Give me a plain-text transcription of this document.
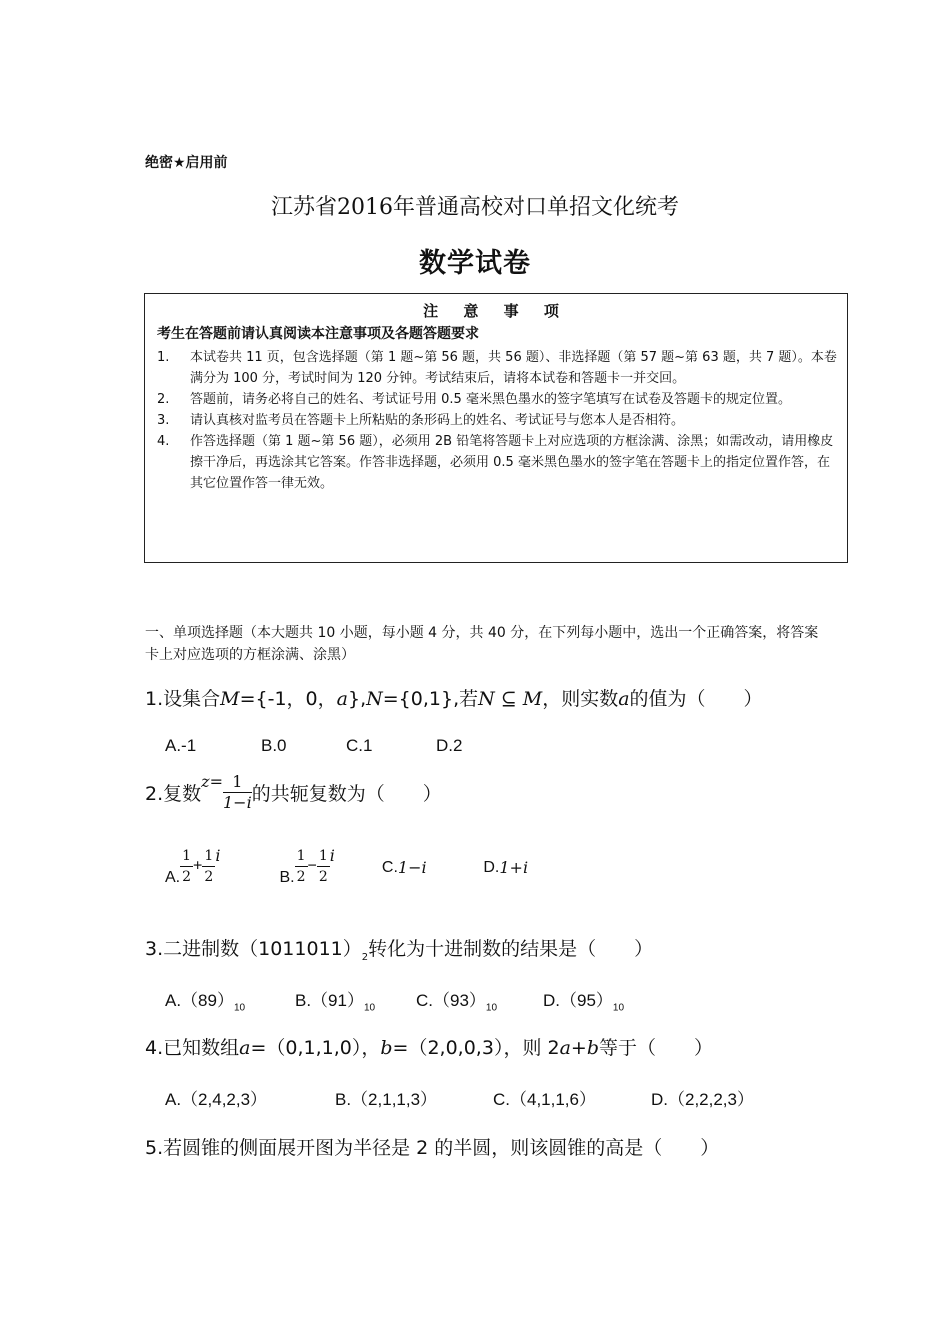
绝密★启用前
江苏省2016年普通高校对口单招文化统考
数学试卷
注 意 事 项
考生在答题前请认真阅读本注意事项及各题答题要求
1.	本试卷共 11 页，包含选择题（第 1 题~第 56 题，共 56 题）、非选择题（第 57 题~第 63 题，共 7 题）。本卷满分为 100 分，考试时间为 120 分钟。考试结束后，请将本试卷和答题卡一并交回。
2.	答题前，请务必将自己的姓名、考试证号用 0.5 毫米黑色墨水的签字笔填写在试卷及答题卡的规定位置。
3.	请认真核对监考员在答题卡上所粘贴的条形码上的姓名、考试证号与您本人是否相符。
4.	作答选择题（第 1 题~第 56 题），必须用 2B 铅笔将答题卡上对应选项的方框涂满、涂黑；如需改动，请用橡皮擦干净后，再选涂其它答案。作答非选择题，必须用 0.5 毫米黑色墨水的签字笔在答题卡上的指定位置作答，在其它位置作答一律无效。
一、单项选择题（本大题共 10 小题，每小题 4 分，共 40 分，在下列每小题中，选出一个正确答案，将答案卡上对应选项的方框涂满、涂黑）
1.设集合M={-1，0，a},N={0,1},若N ⊆ M，则实数a的值为（　　）
A.-1	B.0	C.1	D.2
2.复数$^{z=} \frac{1}{1-i}$ 的共轭复数为（　　）
A. $\frac{1}{2} + \frac{1}{2}$ i B. $\frac{1}{2} - \frac{1}{2}$ i C.1−i	D.1+i
3.二进制数$(1011011)_2$转化为十进制数的结果是（　　）
$A.(89)_{10}$	$B.(91)_{10}$ $C.(93)_{10}$	$D.(95)_{10}$
4.已知数组a=（0,1,1,0），b=（2,0,0,3），则 2a+b等于（　　）
A.（2,4,2,3）	B.（2,1,1,3）	C.（4,1,1,6）	D.（2,2,2,3）
5.若圆锥的侧面展开图为半径是 2 的半圆，则该圆锥的高是（　　）
